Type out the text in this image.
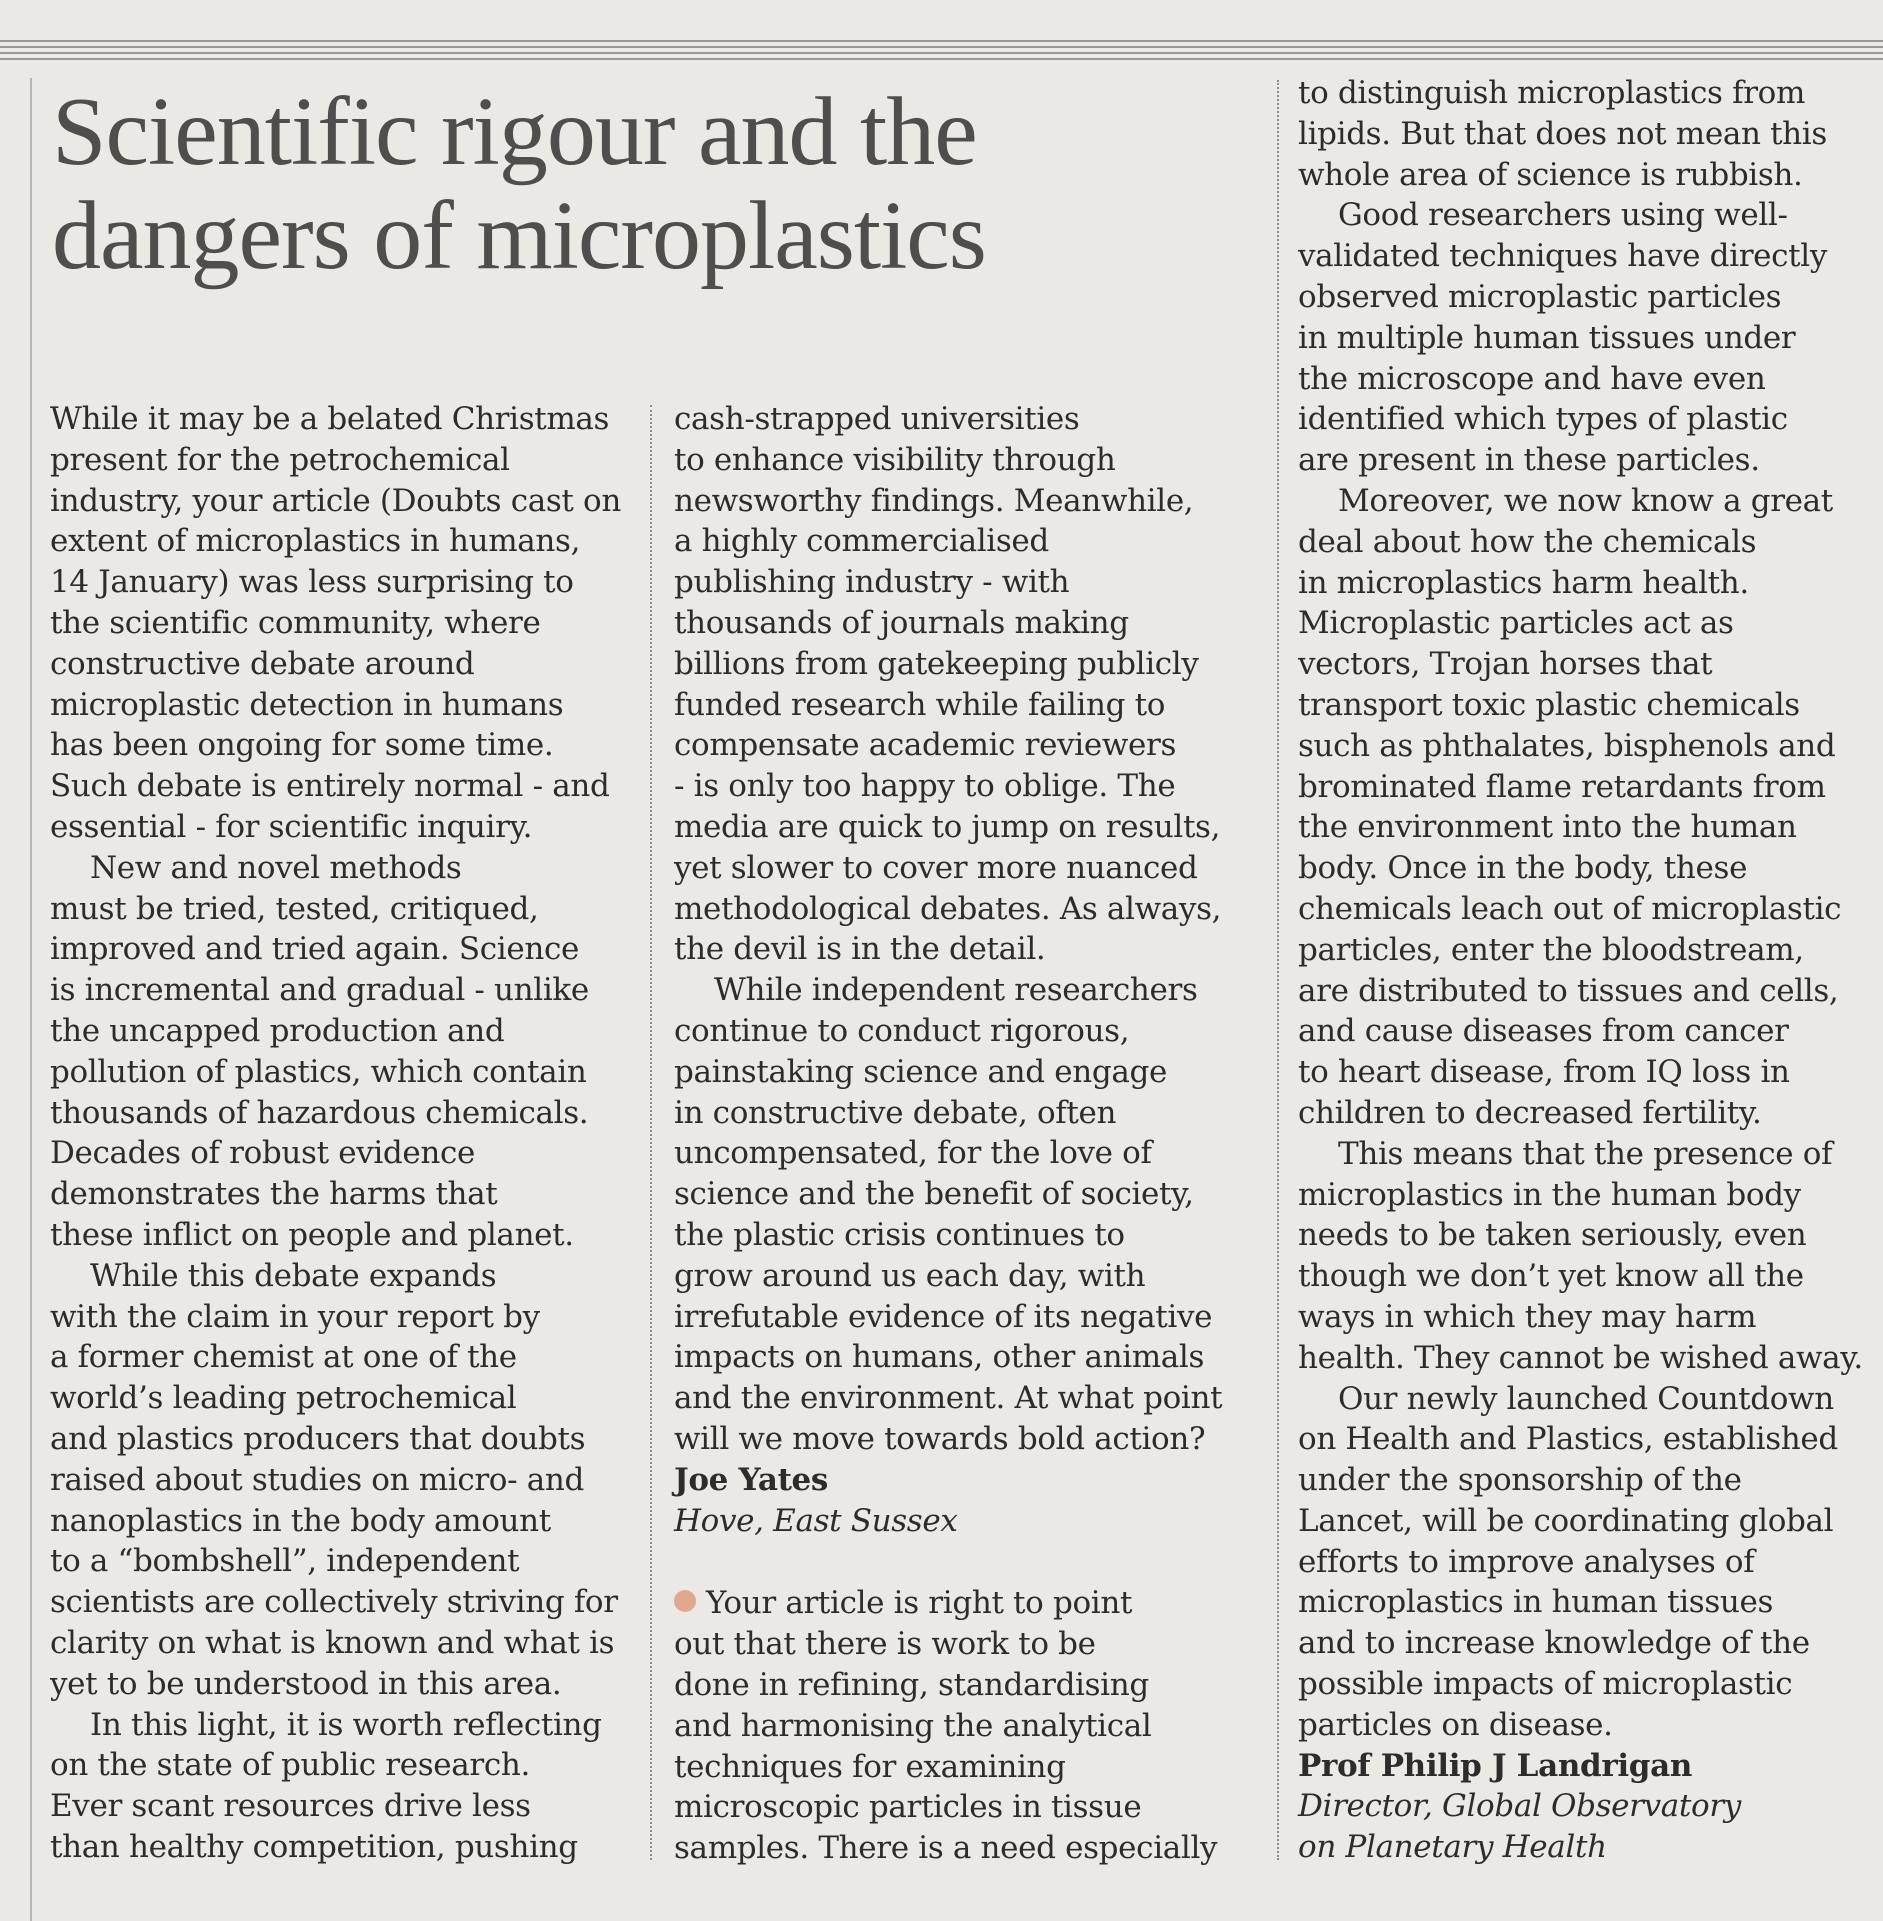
Scientific rigour and the dangers of microplastics

While it may be a belated Christmas
present for the petrochemical
industry, your article (Doubts cast on
extent of microplastics in humans,
14 January) was less surprising to
the scientific community, where
constructive debate around
microplastic detection in humans
has been ongoing for some time.
Such debate is entirely normal - and
essential - for scientific inquiry.

New and novel methods
must be tried, tested, critiqued,
improved and tried again. Science
is incremental and gradual - unlike
the uncapped production and
pollution of plastics, which contain
thousands of hazardous chemicals.
Decades of robust evidence
demonstrates the harms that
these inflict on people and planet.

While this debate expands
with the claim in your report by
a former chemist at one of the
world’s leading petrochemical
and plastics producers that doubts
raised about studies on micro- and
nanoplastics in the body amount
to a “bombshell”, independent
scientists are collectively striving for
clarity on what is known and what is
yet to be understood in this area.

In this light, it is worth reflecting
on the state of public research.
Ever scant resources drive less
than healthy competition, pushing

cash-strapped universities
to enhance visibility through
newsworthy findings. Meanwhile,
a highly commercialised
publishing industry - with
thousands of journals making
billions from gatekeeping publicly
funded research while failing to
compensate academic reviewers
- is only too happy to oblige. The
media are quick to jump on results,
yet slower to cover more nuanced
methodological debates. As always,
the devil is in the detail.

While independent researchers
continue to conduct rigorous,
painstaking science and engage
in constructive debate, often
uncompensated, for the love of
science and the benefit of society,
the plastic crisis continues to
grow around us each day, with
irrefutable evidence of its negative
impacts on humans, other animals
and the environment. At what point
will we move towards bold action?

Joe Yates

Hove, East Sussex

Your article is right to point
out that there is work to be
done in refining, standardising
and harmonising the analytical
techniques for examining
microscopic particles in tissue
samples. There is a need especially

to distinguish microplastics from
lipids. But that does not mean this
whole area of science is rubbish.

Good researchers using well-
validated techniques have directly
observed microplastic particles
in multiple human tissues under
the microscope and have even
identified which types of plastic
are present in these particles.

Moreover, we now know a great
deal about how the chemicals
in microplastics harm health.
Microplastic particles act as
vectors, Trojan horses that
transport toxic plastic chemicals
such as phthalates, bisphenols and
brominated flame retardants from
the environment into the human
body. Once in the body, these
chemicals leach out of microplastic
particles, enter the bloodstream,
are distributed to tissues and cells,
and cause diseases from cancer
to heart disease, from IQ loss in
children to decreased fertility.

This means that the presence of
microplastics in the human body
needs to be taken seriously, even
though we don’t yet know all the
ways in which they may harm
health. They cannot be wished away.

Our newly launched Countdown
on Health and Plastics, established
under the sponsorship of the
Lancet, will be coordinating global
efforts to improve analyses of
microplastics in human tissues
and to increase knowledge of the
possible impacts of microplastic
particles on disease.

Prof Philip J Landrigan

Director, Global Observatory
on Planetary Health
